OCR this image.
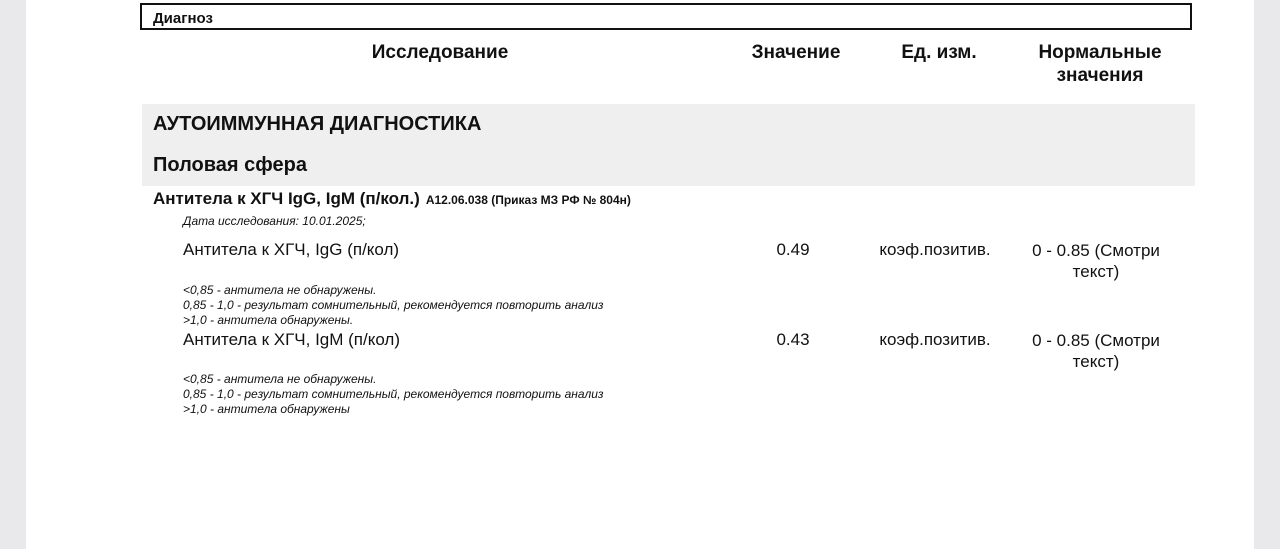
Диагноз
Исследование	Значение	Ед. изм.	Нормальные
значения
АУТОИММУННАЯ ДИАГНОСТИКА
Половая сфера
Антитела к ХГЧ IgG, IgM (п/кол.) A12.06.038 (Приказ МЗ РФ № 804н)
Дата исследования: 10.01.2025;
Антитела к ХГЧ, IgG (п/кол)	0.49	коэф.позитив.	0 - 0.85 (Смотри
текст)
<0,85 - антитела не обнаружены.
0,85 - 1,0 - результат сомнительный, рекомендуется повторить анализ
>1,0 - антитела обнаружены.
Антитела к ХГЧ, IgM (п/кол)	0.43	коэф.позитив.	0 - 0.85 (Смотри
текст)
<0,85 - антитела не обнаружены.
0,85 - 1,0 - результат сомнительный, рекомендуется повторить анализ
>1,0 - антитела обнаружены
